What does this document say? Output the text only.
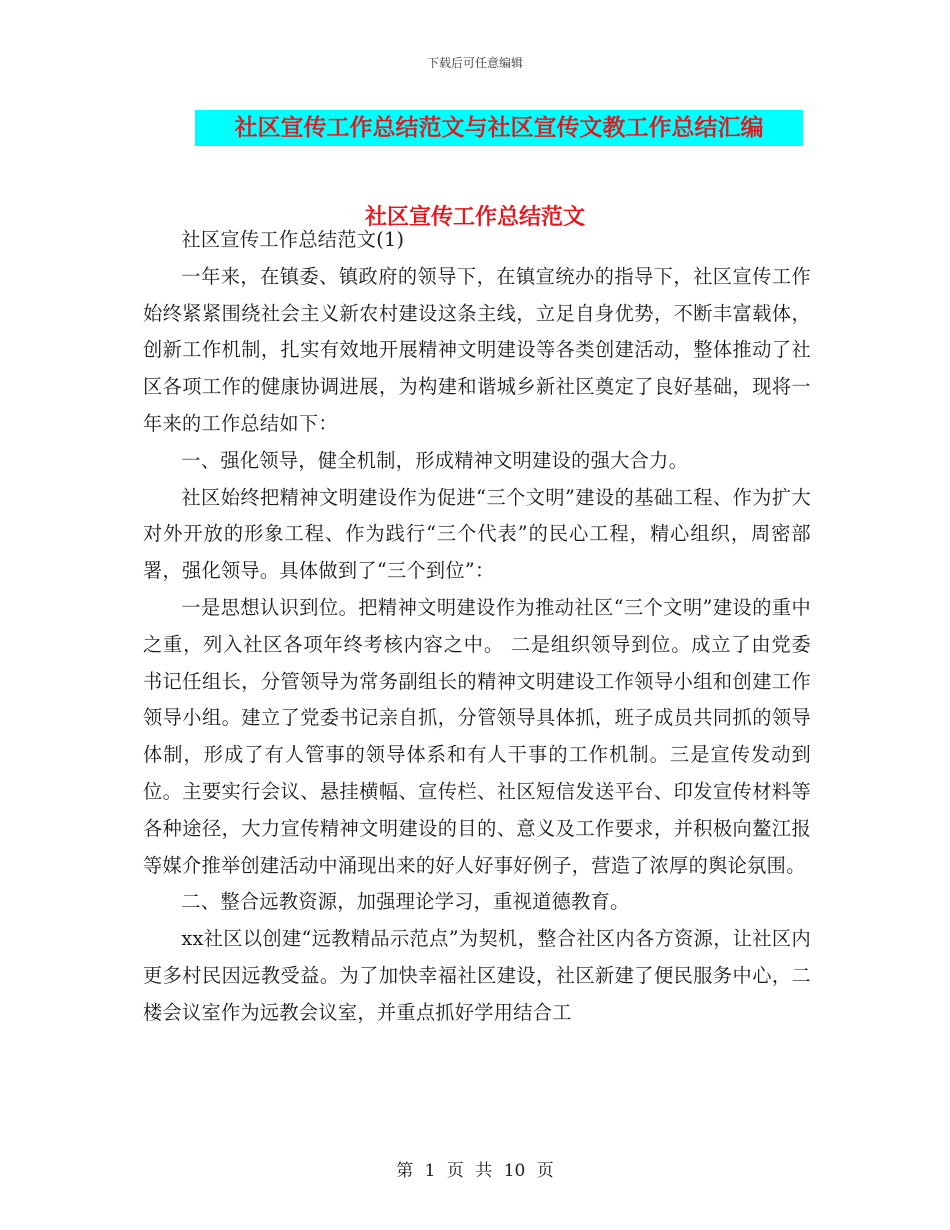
下载后可任意编辑
社区宣传工作总结范文与社区宣传文教工作总结汇编
社区宣传工作总结范文

社区宣传工作总结范文(1)

一年来，在镇委、镇政府的领导下，在镇宣统办的指导下，社区宣传工作始终紧紧围绕社会主义新农村建设这条主线，立足自身优势，不断丰富载体，创新工作机制，扎实有效地开展精神文明建设等各类创建活动，整体推动了社区各项工作的健康协调进展，为构建和谐城乡新社区奠定了良好基础，现将一年来的工作总结如下：

一、强化领导，健全机制，形成精神文明建设的强大合力。

社区始终把精神文明建设作为促进“三个文明”建设的基础工程、作为扩大对外开放的形象工程、作为践行“三个代表”的民心工程，精心组织，周密部署，强化领导。具体做到了“三个到位”：

一是思想认识到位。把精神文明建设作为推动社区“三个文明”建设的重中之重，列入社区各项年终考核内容之中。 二是组织领导到位。成立了由党委书记任组长，分管领导为常务副组长的精神文明建设工作领导小组和创建工作领导小组。建立了党委书记亲自抓，分管领导具体抓，班子成员共同抓的领导体制，形成了有人管事的领导体系和有人干事的工作机制。三是宣传发动到位。主要实行会议、悬挂横幅、宣传栏、社区短信发送平台、印发宣传材料等各种途径，大力宣传精神文明建设的目的、意义及工作要求，并积极向鳌江报等媒介推举创建活动中涌现出来的好人好事好例子，营造了浓厚的舆论氛围。

二、整合远教资源，加强理论学习，重视道德教育。

xx社区以创建“远教精品示范点”为契机，整合社区内各方资源，让社区内更多村民因远教受益。为了加快幸福社区建设，社区新建了便民服务中心，二楼会议室作为远教会议室，并重点抓好学用结合工

第 1 页 共 10 页
